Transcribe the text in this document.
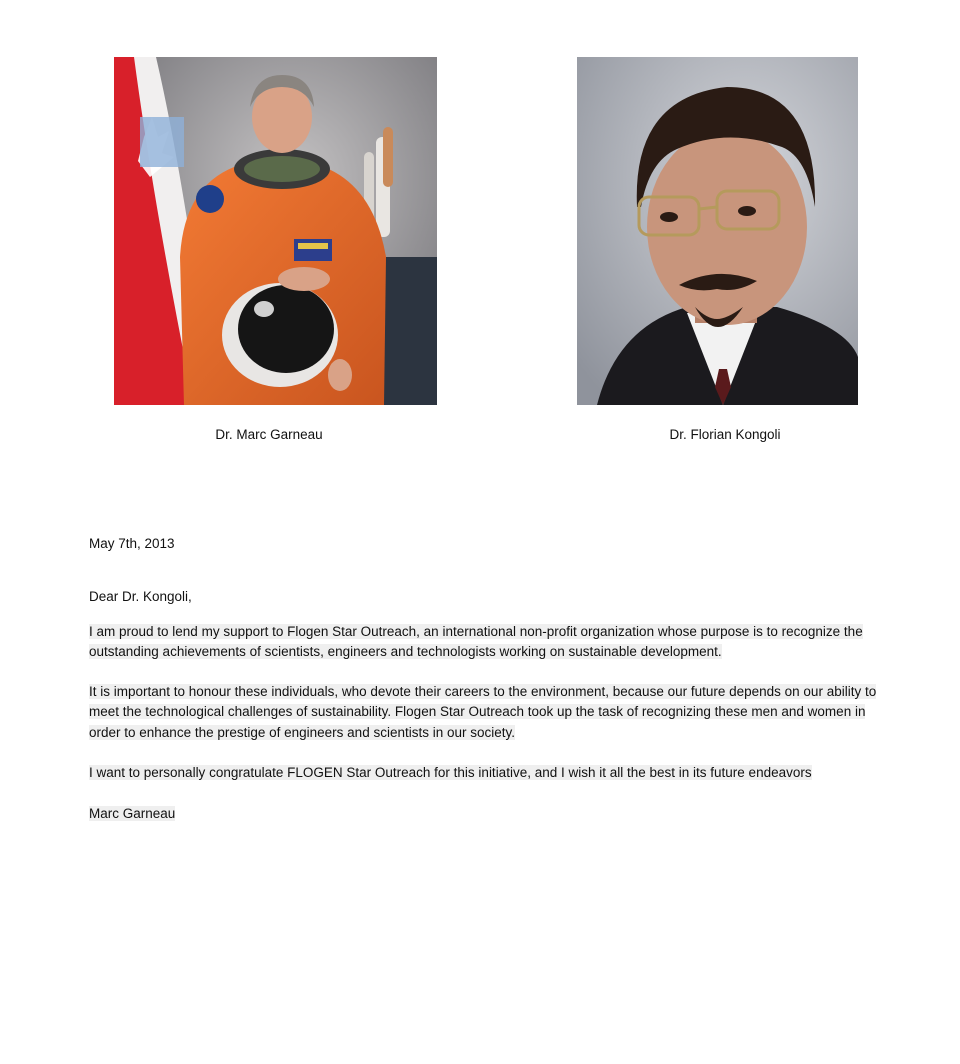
Dr. Marc Garneau	Dr. Florian Kongoli
May 7th, 2013
Dear Dr. Kongoli,
I am proud to lend my support to Flogen Star Outreach, an international non-profit organization whose purpose is to recognize the outstanding achievements of scientists, engineers and technologists working on sustainable development.
It is important to honour these individuals, who devote their careers to the environment, because our future depends on our ability to meet the technological challenges of sustainability. Flogen Star Outreach took up the task of recognizing these men and women in order to enhance the prestige of engineers and scientists in our society.
I want to personally congratulate FLOGEN Star Outreach for this initiative, and I wish it all the best in its future endeavors
Marc Garneau
